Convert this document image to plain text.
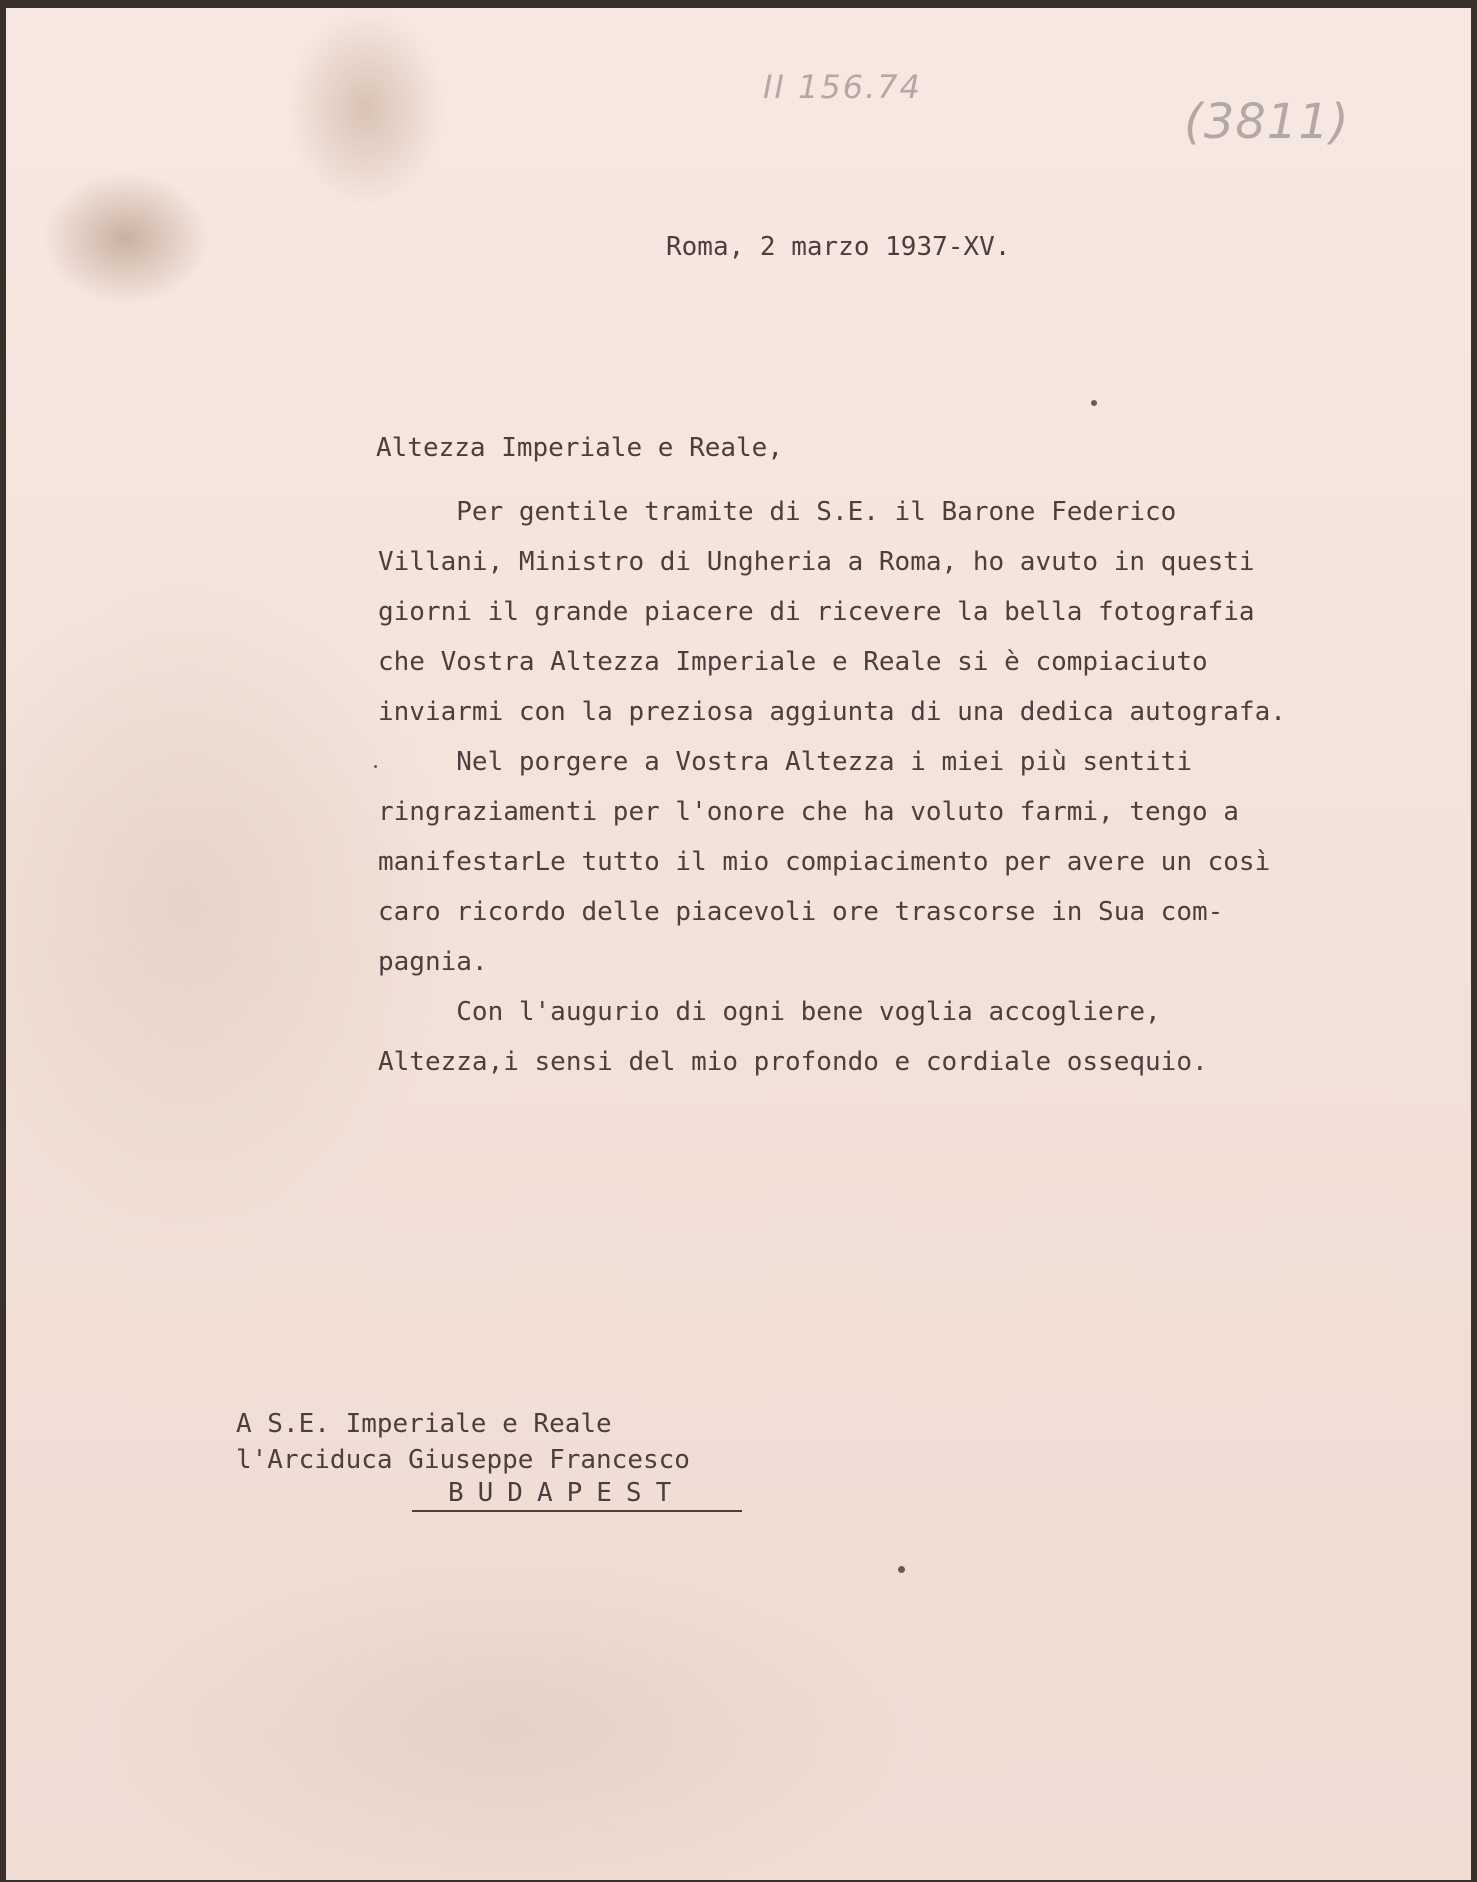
II 156.74
(3811)
Roma, 2 marzo 1937-XV.
Altezza Imperiale e Reale,
Per gentile tramite di S.E. il Barone Federico
Villani, Ministro di Ungheria a Roma, ho avuto in questi
giorni il grande piacere di ricevere la bella fotografia
che Vostra Altezza Imperiale e Reale si è compiaciuto
inviarmi con la preziosa aggiunta di una dedica autografa.
Nel porgere a Vostra Altezza i miei più sentiti
ringraziamenti per l'onore che ha voluto farmi, tengo a
manifestarLe tutto il mio compiacimento per avere un così
caro ricordo delle piacevoli ore trascorse in Sua com-
pagnia.
Con l'augurio di ogni bene voglia accogliere,
Altezza,i sensi del mio profondo e cordiale ossequio.
A S.E. Imperiale e Reale
l'Arciduca Giuseppe Francesco
BUDAPEST
